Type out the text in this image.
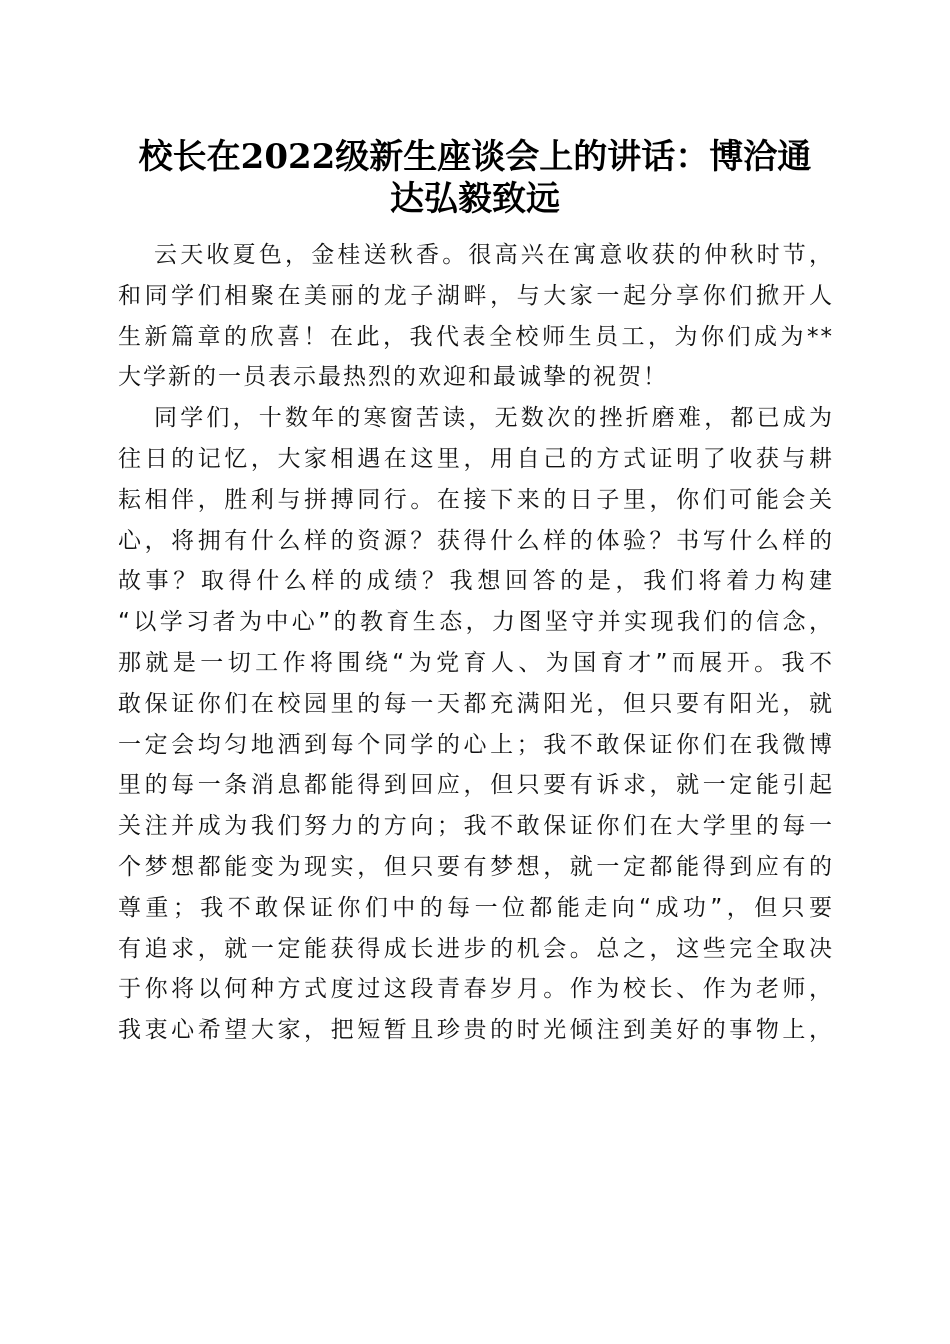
校长在2022级新生座谈会上的讲话：博洽通
达弘毅致远
云天收夏色，金桂送秋香。很高兴在寓意收获的仲秋时节，
和同学们相聚在美丽的龙子湖畔，与大家一起分享你们掀开人
生新篇章的欣喜！在此，我代表全校师生员工，为你们成为**
大学新的一员表示最热烈的欢迎和最诚挚的祝贺！
同学们，十数年的寒窗苦读，无数次的挫折磨难，都已成为
往日的记忆，大家相遇在这里，用自己的方式证明了收获与耕
耘相伴，胜利与拼搏同行。在接下来的日子里，你们可能会关
心，将拥有什么样的资源？获得什么样的体验？书写什么样的
故事？取得什么样的成绩？我想回答的是，我们将着力构建
“以学习者为中心”的教育生态，力图坚守并实现我们的信念，
那就是一切工作将围绕“为党育人、为国育才”而展开。我不
敢保证你们在校园里的每一天都充满阳光，但只要有阳光，就
一定会均匀地洒到每个同学的心上；我不敢保证你们在我微博
里的每一条消息都能得到回应，但只要有诉求，就一定能引起
关注并成为我们努力的方向；我不敢保证你们在大学里的每一
个梦想都能变为现实，但只要有梦想，就一定都能得到应有的
尊重；我不敢保证你们中的每一位都能走向“成功”，但只要
有追求，就一定能获得成长进步的机会。总之，这些完全取决
于你将以何种方式度过这段青春岁月。作为校长、作为老师，
我衷心希望大家，把短暂且珍贵的时光倾注到美好的事物上，
